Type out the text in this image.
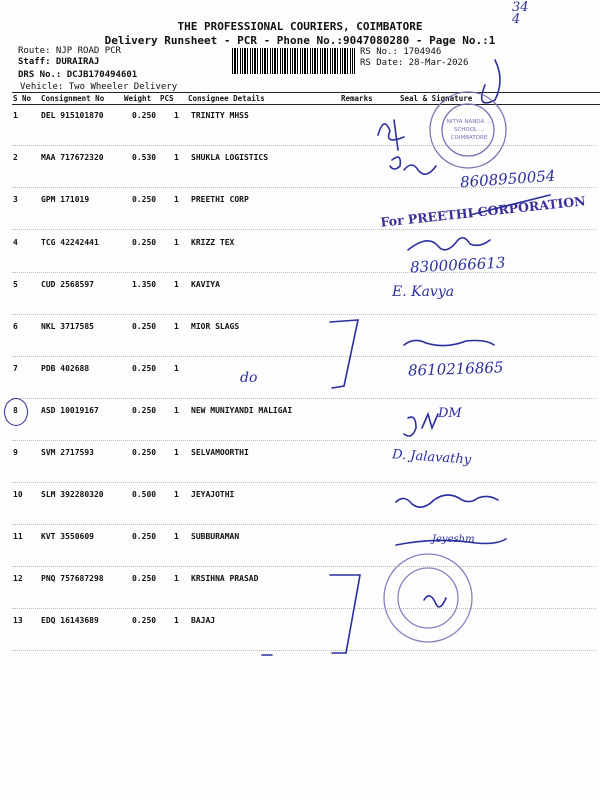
34
4
THE PROFESSIONAL COURIERS, COIMBATORE
Delivery Runsheet - PCR - Phone No.:9047080280 - Page No.:1
Route: NJP ROAD PCR
Staff: DURAIRAJ
DRS No.: DCJB170494601
Vehicle: Two Wheeler Delivery
RS No.: 1704946
RS Date: 28-Mar-2026
S No Consignment No	Weight PCS Consignee Details	Remarks	Seal & Signature
1	DEL 915101870	0.250 1 TRINITY MHSS
2	MAA 717672320	0.530 1 SHUKLA LOGISTICS
3	GPM 171019	0.250 1 PREETHI CORP
4	TCG 42242441	0.250 1 KRIZZ TEX
5	CUD 2568597	1.350 1 KAVIYA
6	NKL 3717585	0.250 1 MIOR SLAGS
7	PDB 402688	0.250 1
8	ASD 10019167	0.250 1 NEW MUNIYANDI MALIGAI
9	SVM 2717593	0.250 1 SELVAMOORTHI
10 SLM 392280320	0.500 1 JEYAJOTHI
11 KVT 3550609	0.250 1 SUBBURAMAN
12 PNQ 757687298	0.250 1 KRSIHNA PRASAD
13 EDQ 16143689	0.250 1 BAJAJ
NITYA NANDA ... SCHOOL ... COIMBATORE
8608950054
For PREETHI CORPORATION
8300066613
E. Kavya
8610216865
do
DM
D. Jalavathy
Jeyeshm
